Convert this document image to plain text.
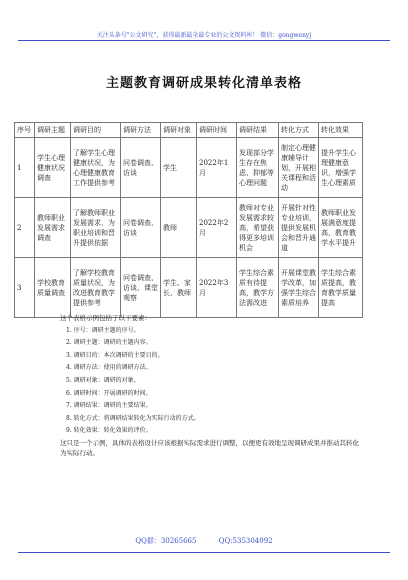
关注头条号"公文研究"，获得最新最全最专业的公文资料库！ 微信：gongwenyj
主题教育调研成果转化清单表格
序号	调研主题	调研目的	调研方法	调研对象	调研时间	调研结果	转化方式	转化效果
1	学生心理健康状况调查	了解学生心理健康状况，为心理健康教育工作提供参考	问卷调查、访谈	学生	2022年1月	发现部分学生存在焦虑、抑郁等心理问题	制定心理健康辅导计划，开展相关课程和活动	提升学生心理健康意识，增强学生心理素质
2	教师职业发展需求调查	了解教师职业发展需求，为职业培训和晋升提供依据	问卷调查、访谈	教师	2022年2月	教师对专业发展需求较高，希望获得更多培训机会	开展针对性专业培训，提供发展机会和晋升通道	教师职业发展满意度提高，教育教学水平提升
3	学校教育质量调查	了解学校教育质量状况，为改进教育教学提供参考	问卷调查、访谈、课堂观察	学生、家长、教师	2022年3月	学生综合素质有待提高，教学方法需改进	开展课堂教学改革，加强学生综合素质培养	学生综合素质提高，教育教学质量提高
这个表格示例包括了以下要素：
1. 序号：调研主题的序号。
2. 调研主题：调研的主题内容。
3. 调研目的：本次调研的主要目的。
4. 调研方法：使用的调研方法。
5. 调研对象：调研的对象。
6. 调研时间：开展调研的时间。
7. 调研结果：调研的主要结果。
8. 转化方式：将调研结果转化为实际行动的方式。
9. 转化效果：转化效果的评价。
这只是一个示例，具体的表格设计应该根据实际需求进行调整，以便更有效地呈现调研成果并推动其转化为实际行动。
QQ群：30265665	QQ:535304092
